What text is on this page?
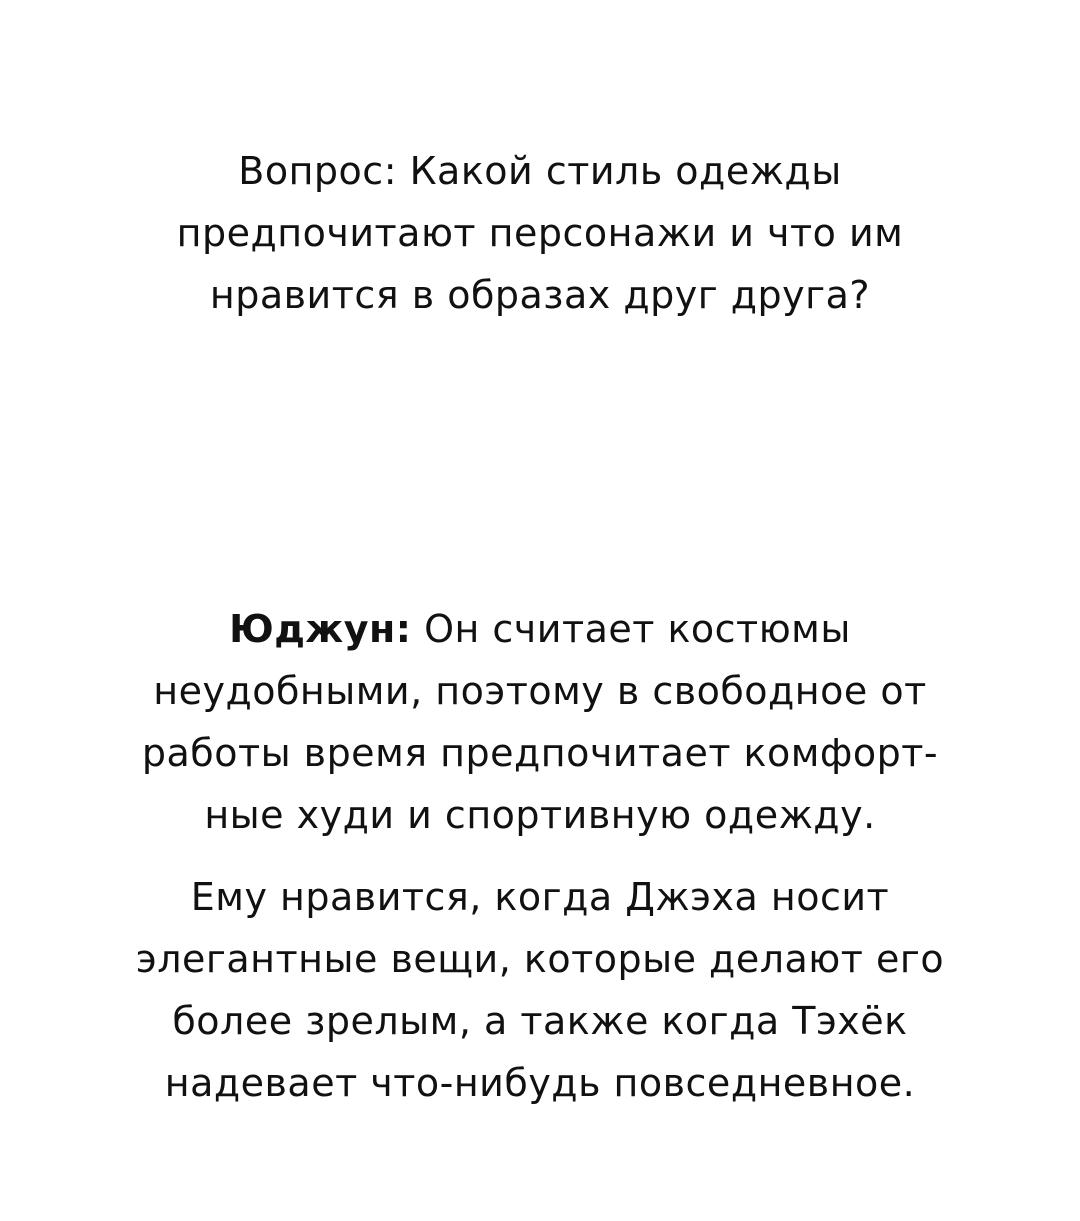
Вопрос: Какой стиль одежды
предпочитают персонажи и что им
нравится в образах друг друга?
Юджун: Он считает костюмы
неудобными, поэтому в свободное от
работы время предпочитает комфорт-
ные худи и спортивную одежду.
Ему нравится, когда Джэха носит
элегантные вещи, которые делают его
более зрелым, а также когда Тэхёк
надевает что-нибудь повседневное.
